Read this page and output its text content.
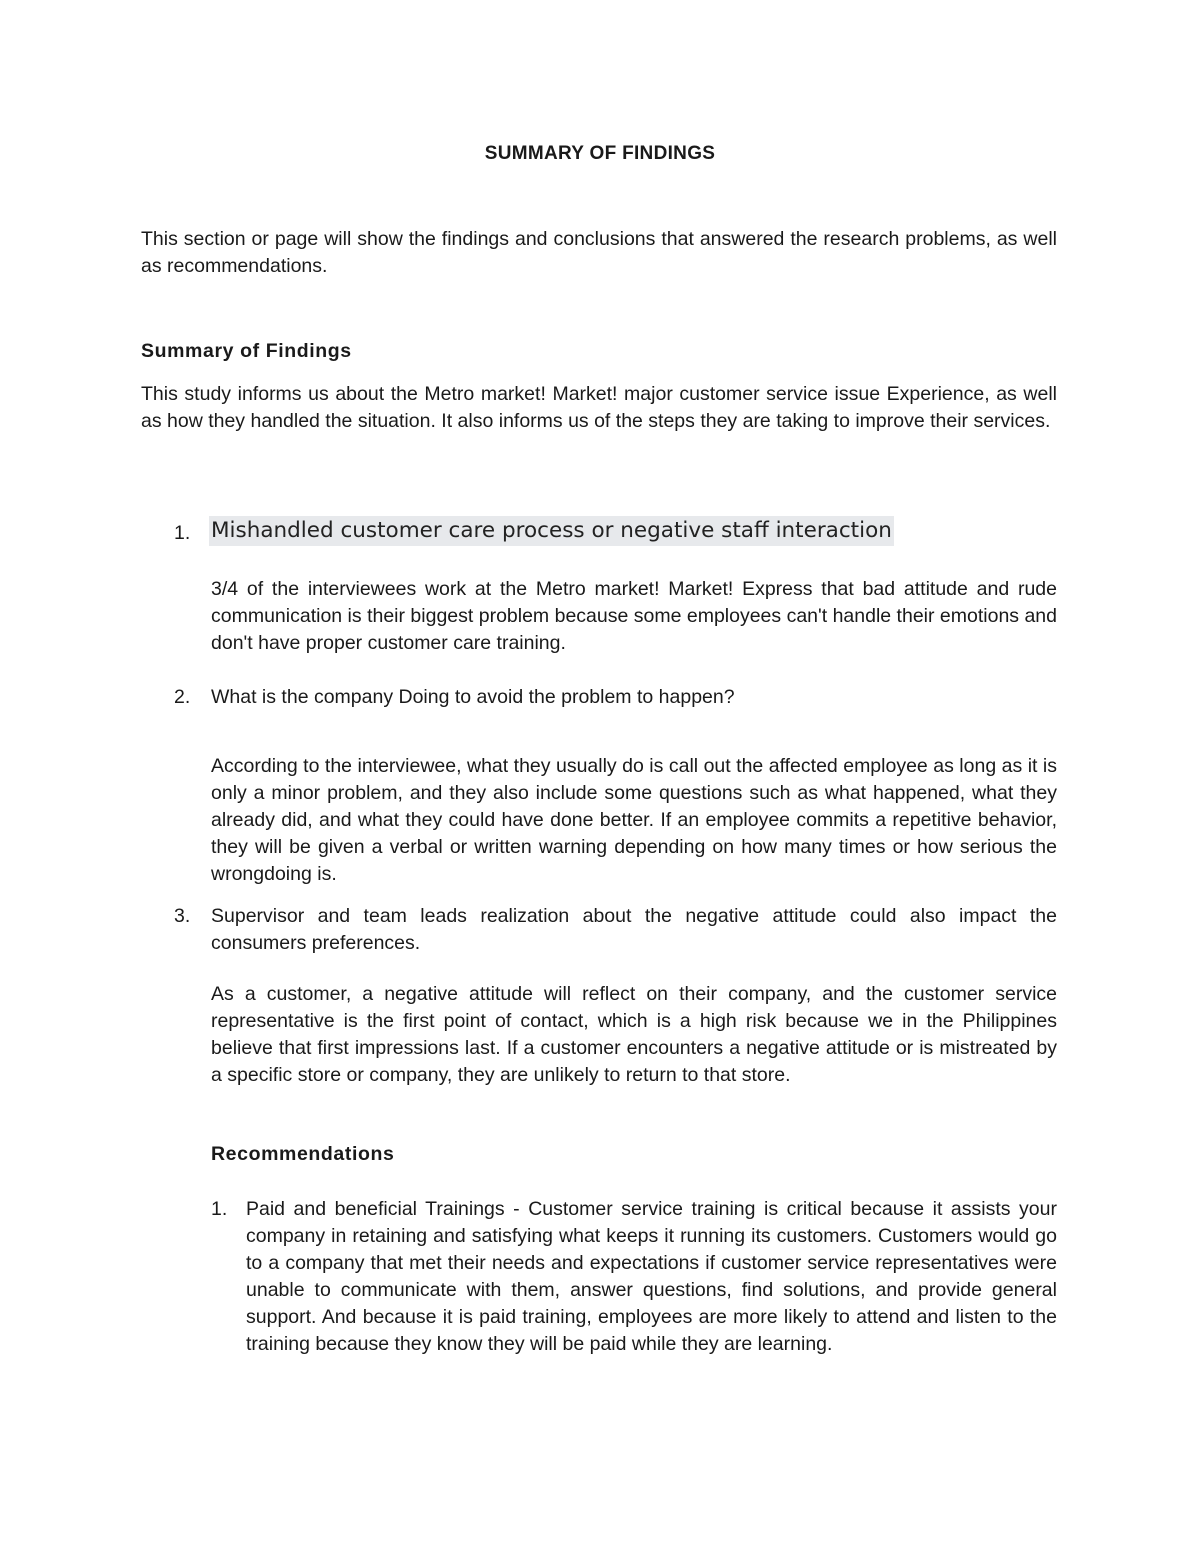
SUMMARY OF FINDINGS

This section or page will show the findings and conclusions that answered the research problems, as well as recommendations.

Summary of Findings

This study informs us about the Metro market! Market! major customer service issue Experience, as well as how they handled the situation. It also informs us of the steps they are taking to improve their services.

1. Mishandled customer care process or negative staff interaction

3/4 of the interviewees work at the Metro market! Market! Express that bad attitude and rude communication is their biggest problem because some employees can't handle their emotions and don't have proper customer care training.

2. What is the company Doing to avoid the problem to happen?

According to the interviewee, what they usually do is call out the affected employee as long as it is only a minor problem, and they also include some questions such as what happened, what they already did, and what they could have done better. If an employee commits a repetitive behavior, they will be given a verbal or written warning depending on how many times or how serious the wrongdoing is.

3. Supervisor and team leads realization about the negative attitude could also impact the consumers preferences.

As a customer, a negative attitude will reflect on their company, and the customer service representative is the first point of contact, which is a high risk because we in the Philippines believe that first impressions last. If a customer encounters a negative attitude or is mistreated by a specific store or company, they are unlikely to return to that store.

Recommendations
1. Paid and beneficial Trainings - Customer service training is critical because it assists your company in retaining and satisfying what keeps it running its customers. Customers would go to a company that met their needs and expectations if customer service representatives were unable to communicate with them, answer questions, find solutions, and provide general support. And because it is paid training, employees are more likely to attend and listen to the training because they know they will be paid while they are learning.
